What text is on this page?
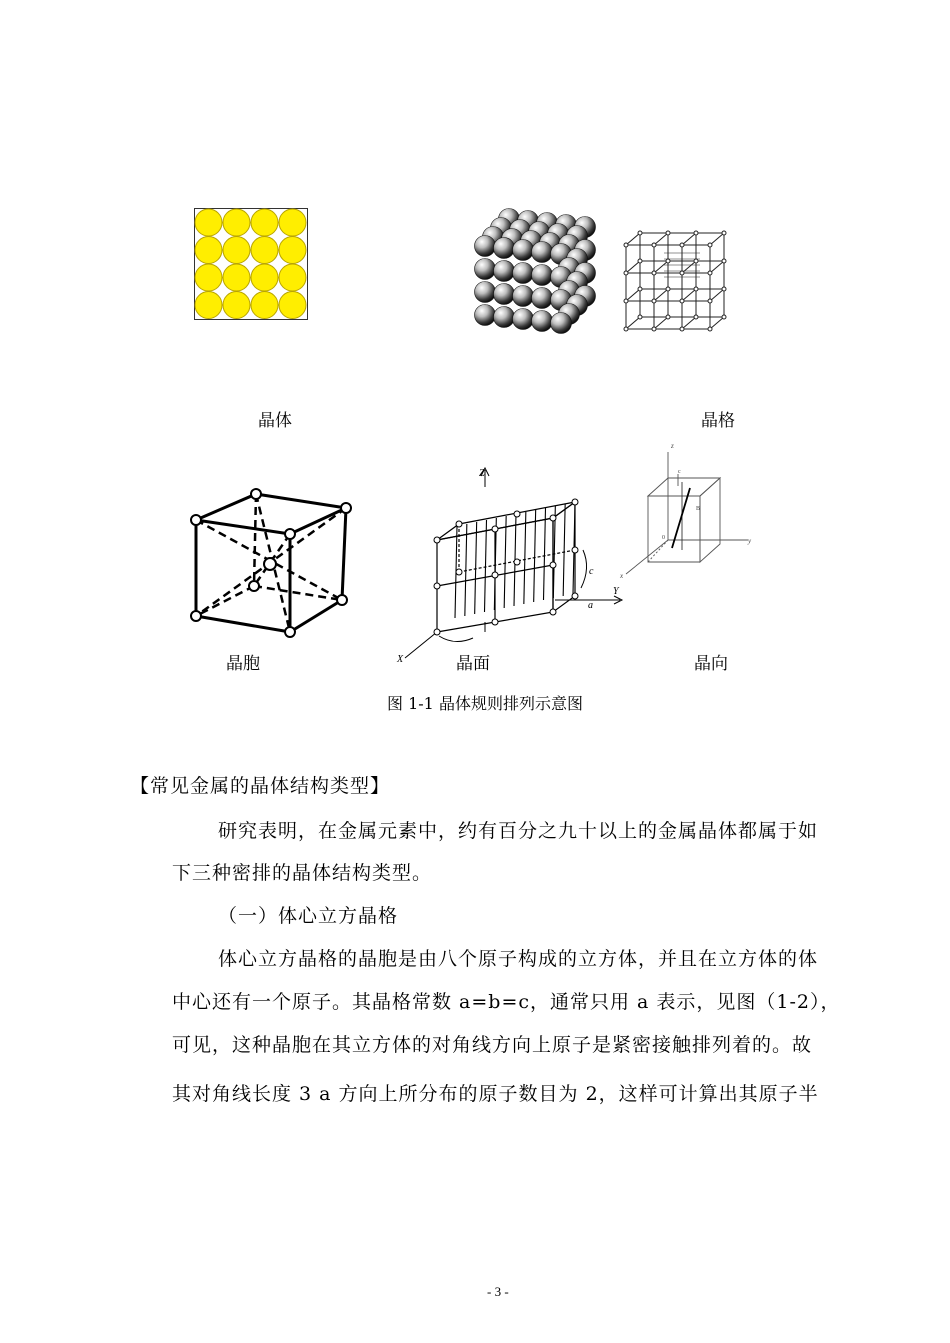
晶体	晶格
Z
Y
X
c
a
z
y
x
0
B
c
晶胞	晶面	晶向
图 1-1 晶体规则排列示意图
【常见金属的晶体结构类型】
研究表明，在金属元素中，约有百分之九十以上的金属晶体都属于如
下三种密排的晶体结构类型。
（一）体心立方晶格
体心立方晶格的晶胞是由八个原子构成的立方体，并且在立方体的体
中心还有一个原子。其晶格常数 a=b=c，通常只用 a 表示，见图（1-2），
可见，这种晶胞在其立方体的对角线方向上原子是紧密接触排列着的。故
其对角线长度 3 a 方向上所分布的原子数目为 2，这样可计算出其原子半
- 3 -
